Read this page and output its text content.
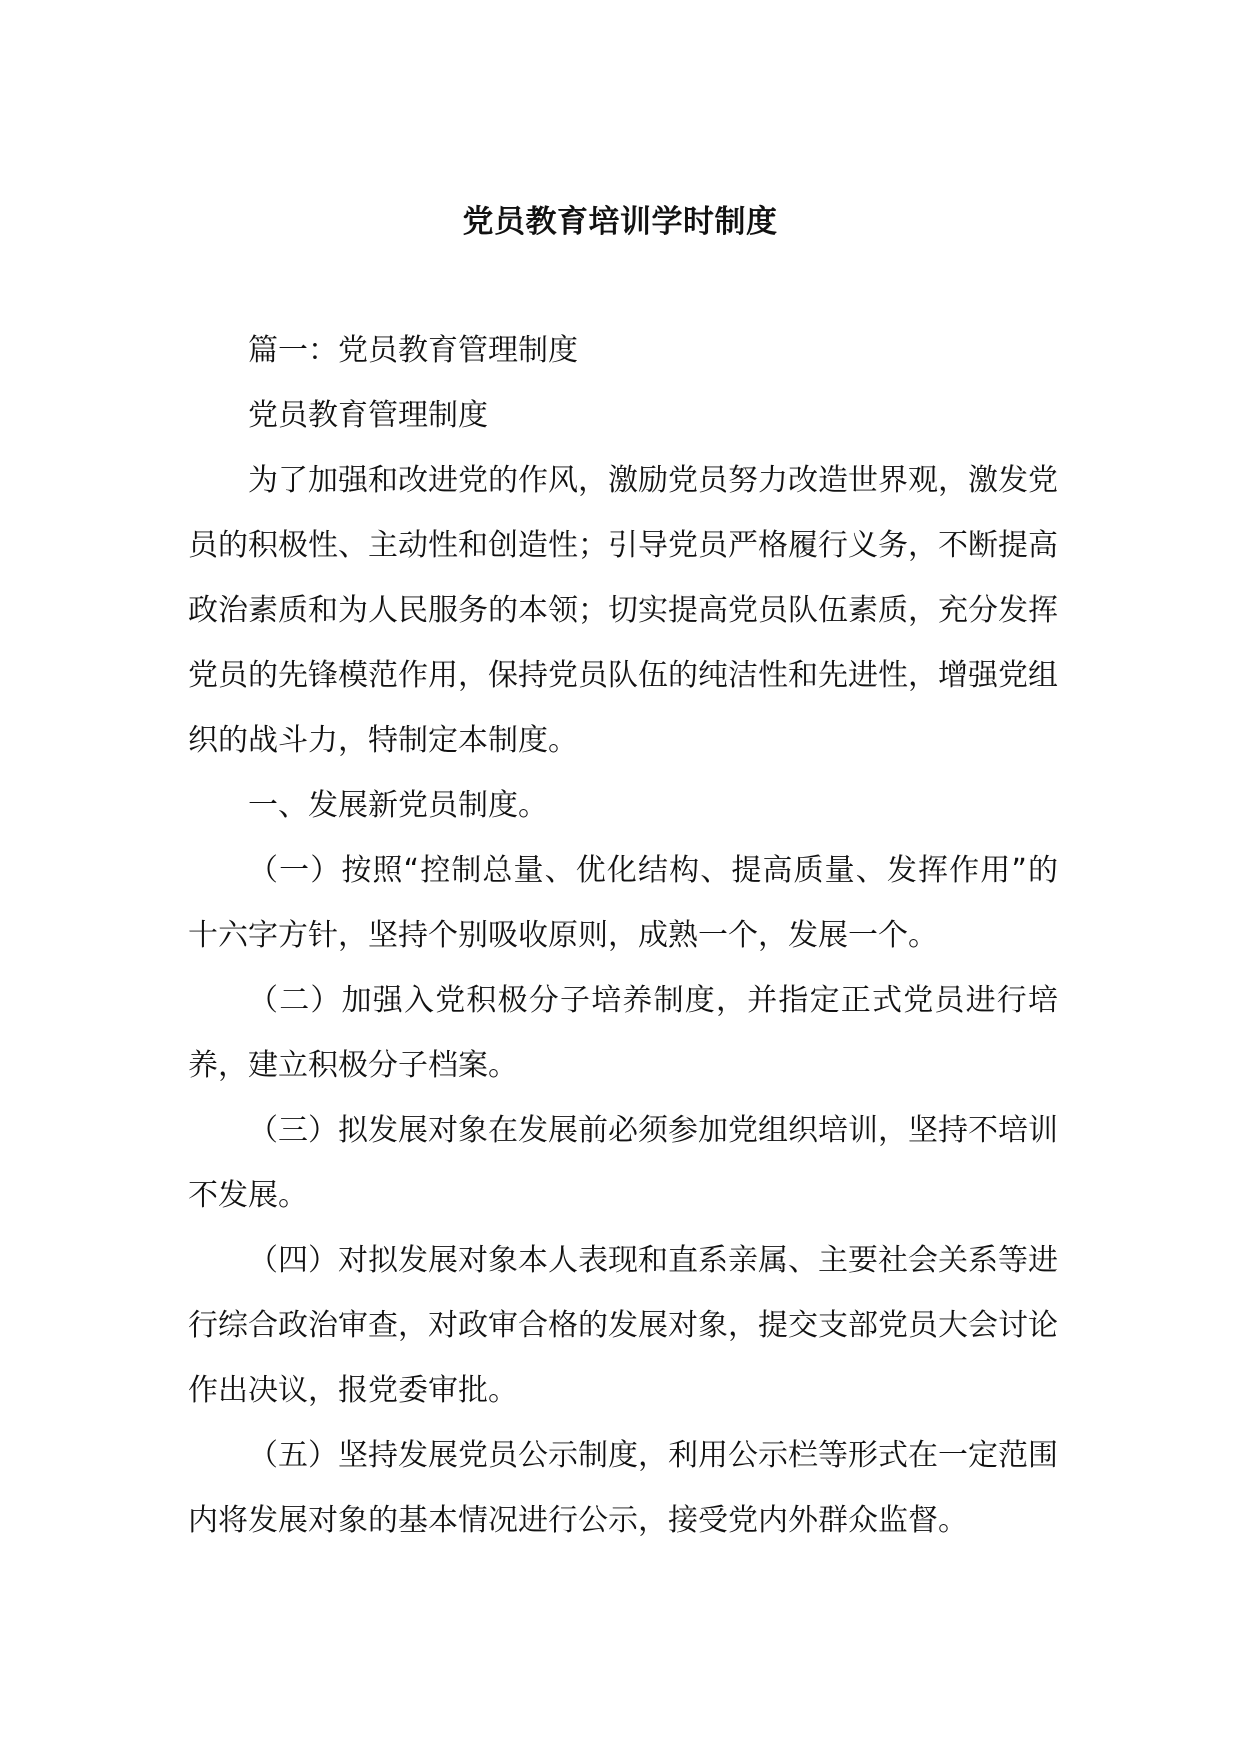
党员教育培训学时制度

篇一：党员教育管理制度

党员教育管理制度

为了加强和改进党的作风，激励党员努力改造世界观，激发党员的积极性、主动性和创造性；引导党员严格履行义务，不断提高政治素质和为人民服务的本领；切实提高党员队伍素质，充分发挥党员的先锋模范作用，保持党员队伍的纯洁性和先进性，增强党组织的战斗力，特制定本制度。

一、发展新党员制度。

（一）按照“控制总量、优化结构、提高质量、发挥作用”的十六字方针，坚持个别吸收原则，成熟一个，发展一个。

（二）加强入党积极分子培养制度，并指定正式党员进行培养，建立积极分子档案。

（三）拟发展对象在发展前必须参加党组织培训，坚持不培训不发展。

（四）对拟发展对象本人表现和直系亲属、主要社会关系等进行综合政治审查，对政审合格的发展对象，提交支部党员大会讨论作出决议，报党委审批。

（五）坚持发展党员公示制度，利用公示栏等形式在一定范围内将发展对象的基本情况进行公示，接受党内外群众监督。
